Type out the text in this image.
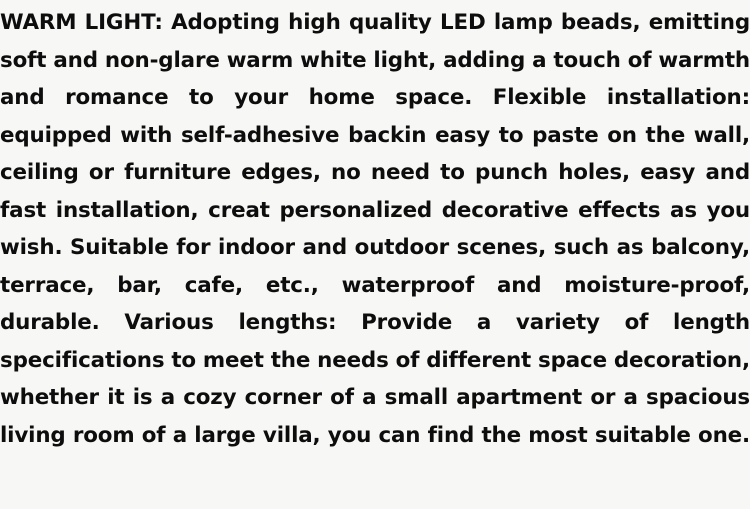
WARM LIGHT: Adopting high quality LED lamp beads, emitting soft and non-glare warm white light, adding a touch of warmth and romance to your home space. Flexible installation: equipped with self-adhesive backin easy to paste on the wall, ceiling or furniture edges, no need to punch holes, easy and fast installation, creat personalized decorative effects as you wish. Suitable for indoor and outdoor scenes, such as balcony, terrace, bar, cafe, etc., waterproof and moisture-proof, durable. Various lengths: Provide a variety of length specifications to meet the needs of different space decoration, whether it is a cozy corner of a small apartment or a spacious living room of a large villa, you can find the most suitable one.
